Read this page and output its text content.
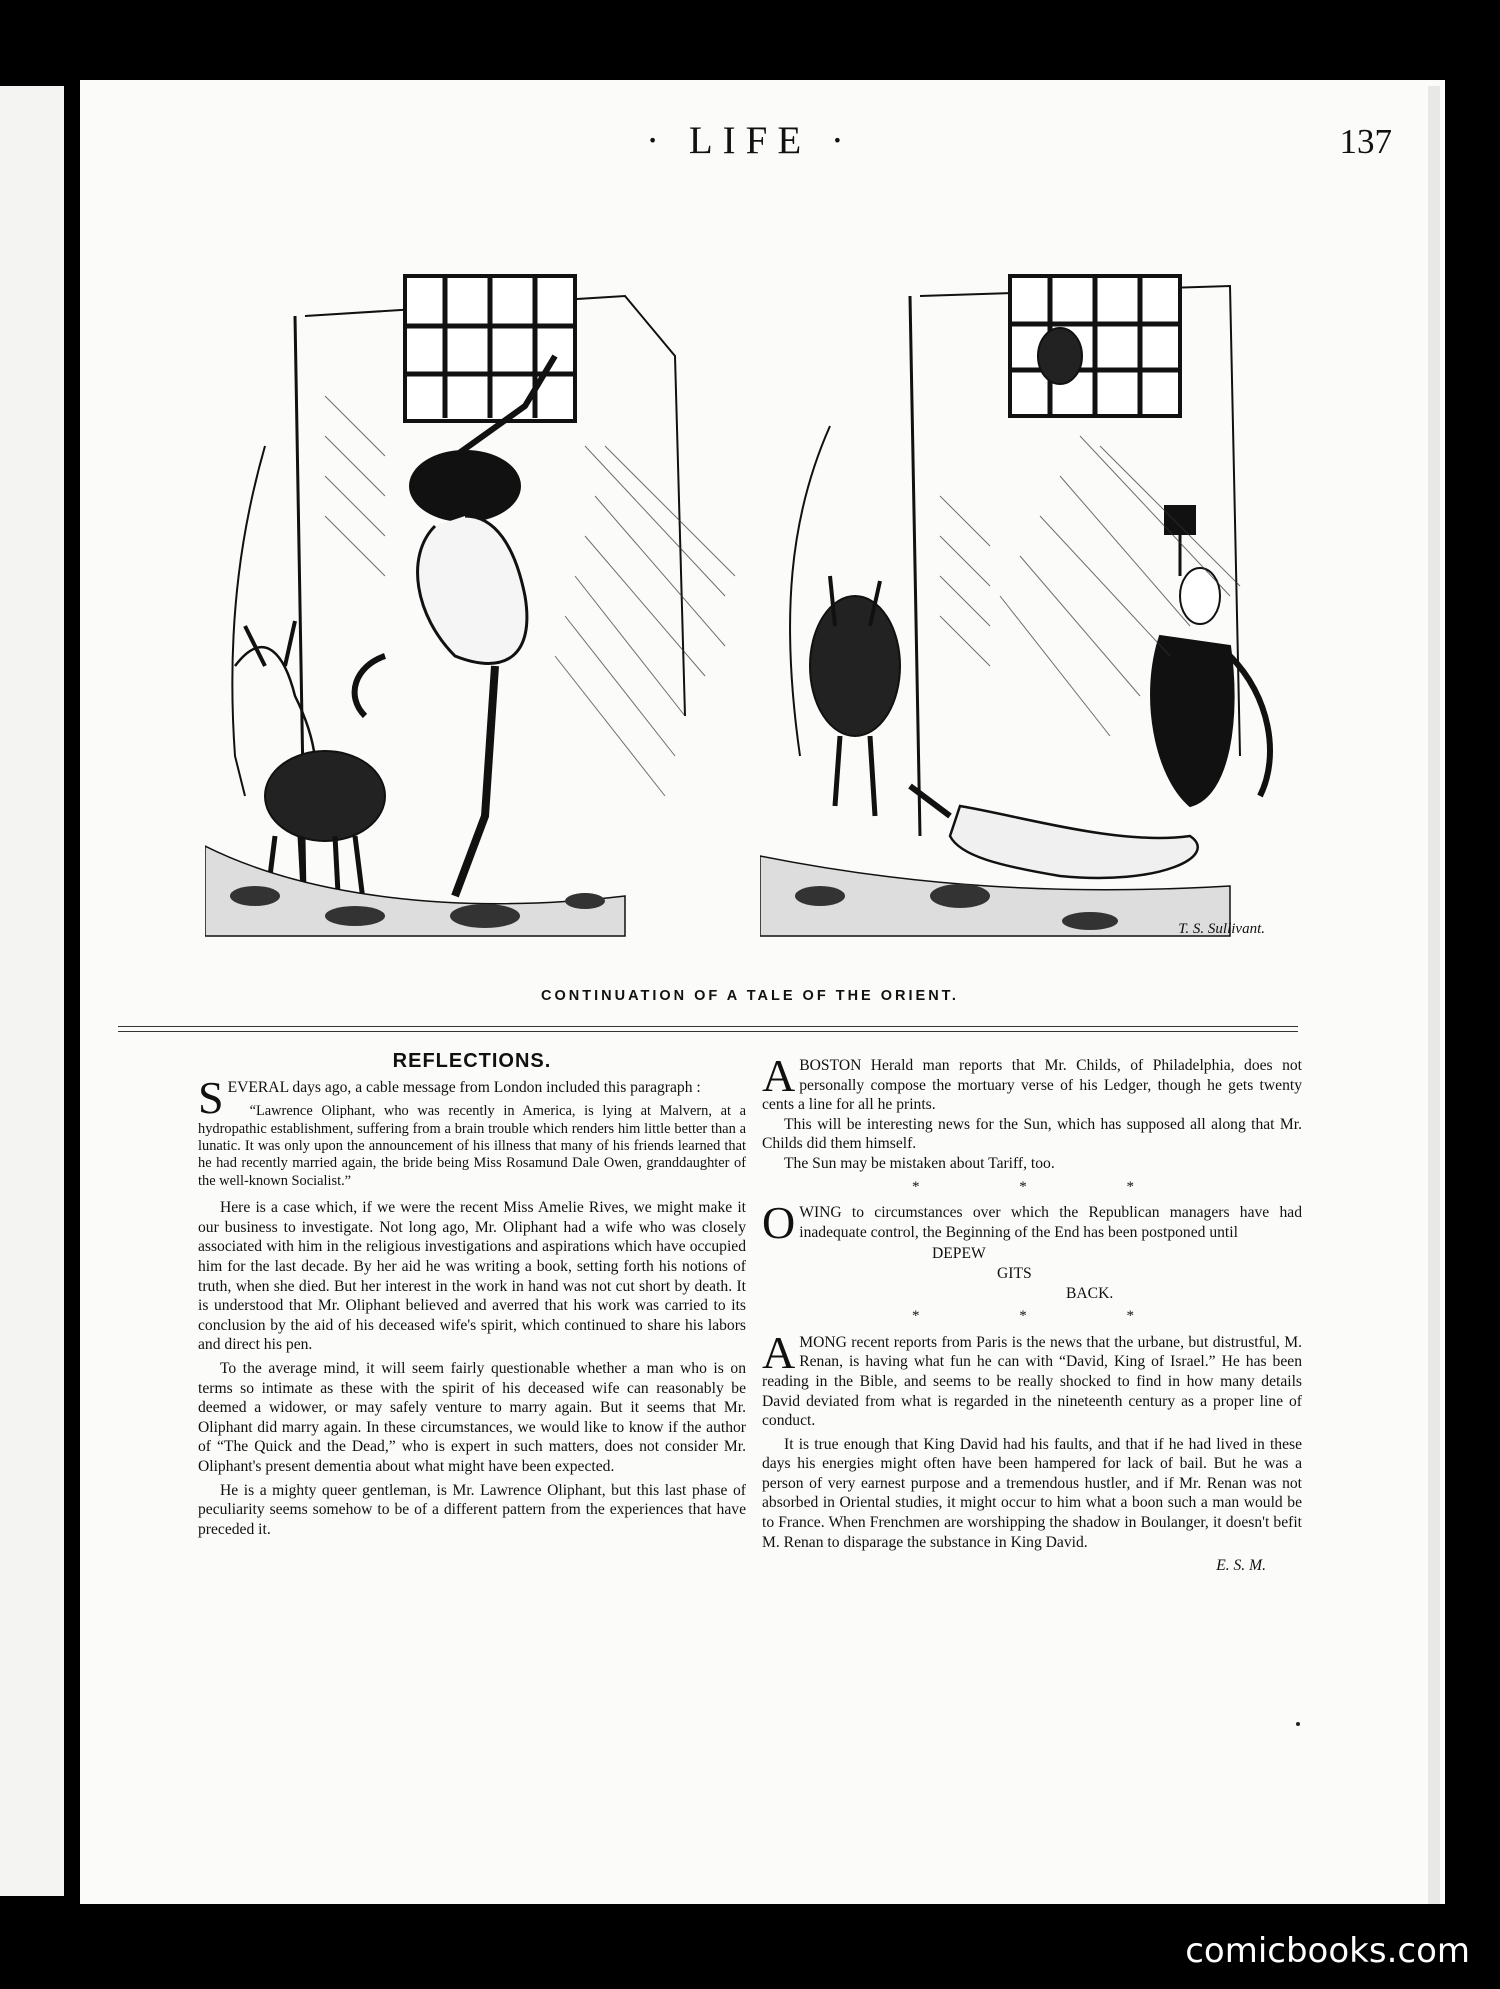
· LIFE ·	137
T. S. Sullivant.
CONTINUATION OF A TALE OF THE ORIENT.
REFLECTIONS.

SEVERAL days ago, a cable message from London included this paragraph :

“Lawrence Oliphant, who was recently in America, is lying at Malvern, at a hydropathic establishment, suffering from a brain trouble which renders him little better than a lunatic. It was only upon the announcement of his illness that many of his friends learned that he had recently married again, the bride being Miss Rosamund Dale Owen, granddaughter of the well-known Socialist.”

Here is a case which, if we were the recent Miss Amelie Rives, we might make it our business to investigate. Not long ago, Mr. Oliphant had a wife who was closely associated with him in the religious investigations and aspirations which have occupied him for the last decade. By her aid he was writing a book, setting forth his notions of truth, when she died. But her interest in the work in hand was not cut short by death. It is understood that Mr. Oliphant believed and averred that his work was carried to its conclusion by the aid of his deceased wife's spirit, which continued to share his labors and direct his pen.

To the average mind, it will seem fairly questionable whether a man who is on terms so intimate as these with the spirit of his deceased wife can reasonably be deemed a widower, or may safely venture to marry again. But it seems that Mr. Oliphant did marry again. In these circumstances, we would like to know if the author of “The Quick and the Dead,” who is expert in such matters, does not consider Mr. Oliphant's present dementia about what might have been expected.

He is a mighty queer gentleman, is Mr. Lawrence Oliphant, but this last phase of peculiarity seems somehow to be of a different pattern from the experiences that have preceded it.

ABOSTON Herald man reports that Mr. Childs, of Philadelphia, does not personally compose the mortuary verse of his Ledger, though he gets twenty cents a line for all he prints.

This will be interesting news for the Sun, which has supposed all along that Mr. Childs did them himself.

The Sun may be mistaken about Tariff, too.

* * *

OWING to circumstances over which the Republican managers have had inadequate control, the Beginning of the End has been postponed until

DEPEW
GITS
BACK.
* * *

AMONG recent reports from Paris is the news that the urbane, but distrustful, M. Renan, is having what fun he can with “David, King of Israel.” He has been reading in the Bible, and seems to be really shocked to find in how many details David deviated from what is regarded in the nineteenth century as a proper line of conduct.

It is true enough that King David had his faults, and that if he had lived in these days his energies might often have been hampered for lack of bail. But he was a person of very earnest purpose and a tremendous hustler, and if Mr. Renan was not absorbed in Oriental studies, it might occur to him what a boon such a man would be to France. When Frenchmen are worshipping the shadow in Boulanger, it doesn't befit M. Renan to disparage the substance in King David.

E. S. M.
comicbooks.com
